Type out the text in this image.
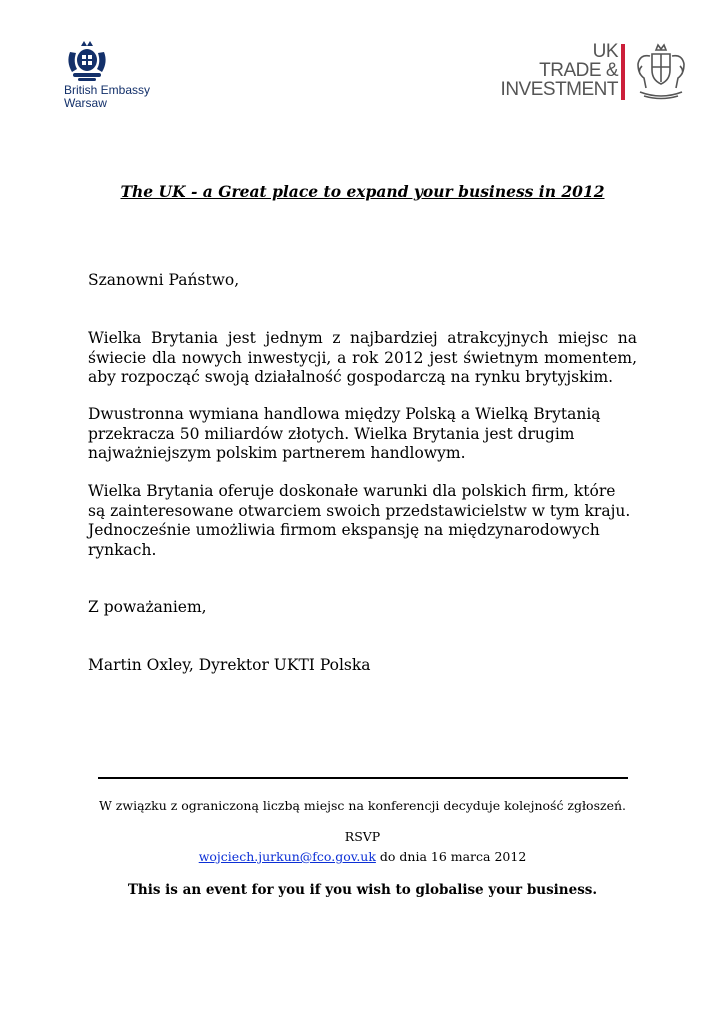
British Embassy
Warsaw
UK
TRADE &
INVESTMENT
The UK - a Great place to expand your business in 2012
Szanowni Państwo,
Wielka Brytania jest jednym z najbardziej atrakcyjnych miejsc na świecie dla nowych inwestycji, a rok 2012 jest świetnym momentem, aby rozpocząć swoją działalność gospodarczą na rynku brytyjskim.
Dwustronna wymiana handlowa między Polską a Wielką Brytanią przekracza 50 miliardów złotych. Wielka Brytania jest drugim najważniejszym polskim partnerem handlowym.
Wielka Brytania oferuje doskonałe warunki dla polskich firm, które są zainteresowane otwarciem swoich przedstawicielstw w tym kraju. Jednocześnie umożliwia firmom ekspansję na międzynarodowych rynkach.
Z poważaniem,
Martin Oxley, Dyrektor UKTI Polska
W związku z ograniczoną liczbą miejsc na konferencji decyduje kolejność zgłoszeń.
RSVP
wojciech.jurkun@fco.gov.uk do dnia 16 marca 2012
This is an event for you if you wish to globalise your business.
